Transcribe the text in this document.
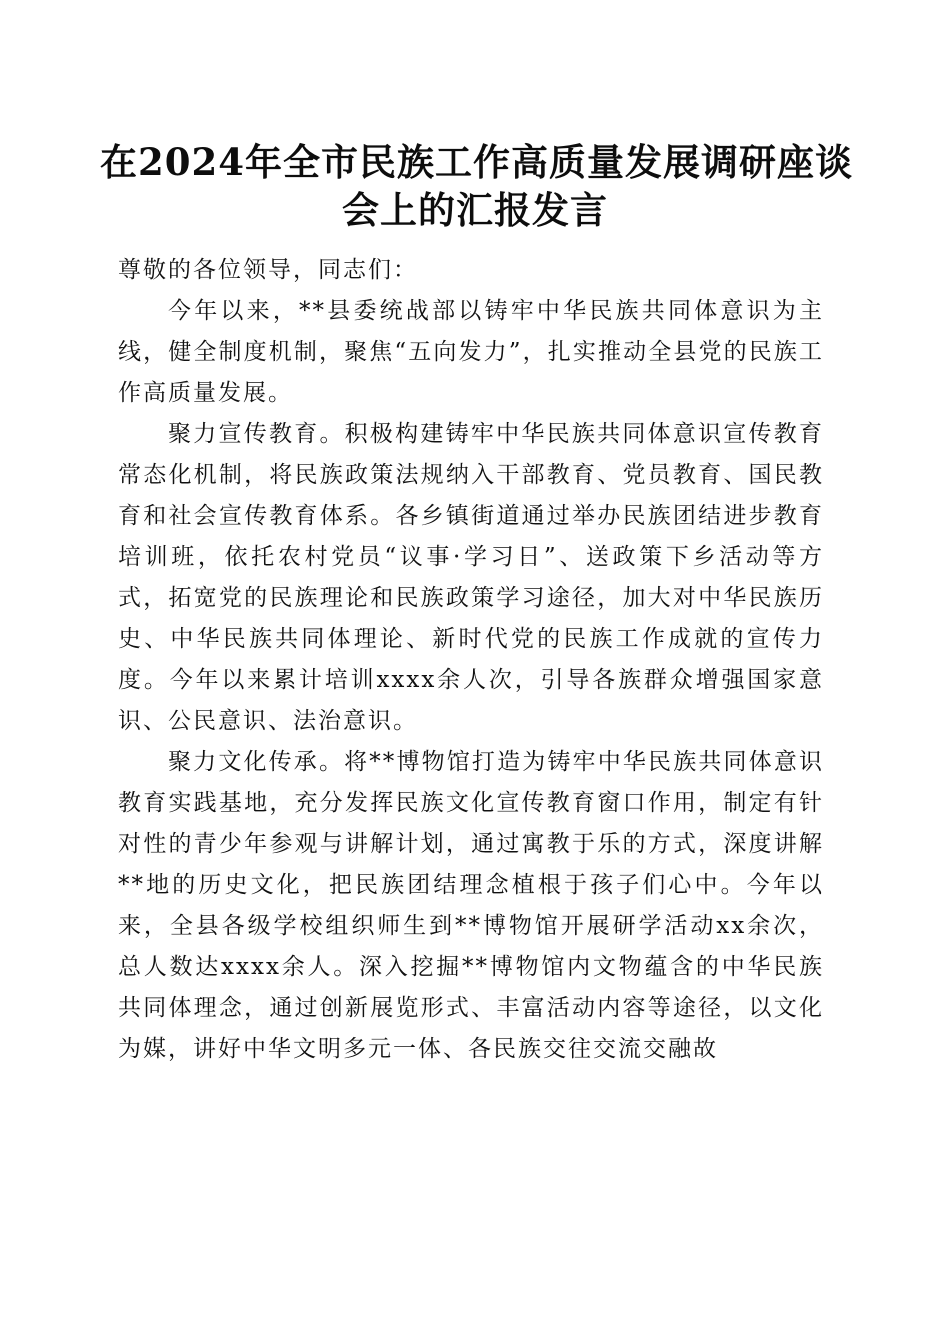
在2024年全市民族工作高质量发展调研座谈
会上的汇报发言

尊敬的各位领导，同志们：

今年以来，**县委统战部以铸牢中华民族共同体意识为主线，健全制度机制，聚焦“五向发力”，扎实推动全县党的民族工作高质量发展。

聚力宣传教育。积极构建铸牢中华民族共同体意识宣传教育常态化机制，将民族政策法规纳入干部教育、党员教育、国民教育和社会宣传教育体系。各乡镇街道通过举办民族团结进步教育培训班，依托农村党员“议事·学习日”、送政策下乡活动等方式，拓宽党的民族理论和民族政策学习途径，加大对中华民族历史、中华民族共同体理论、新时代党的民族工作成就的宣传力度。今年以来累计培训xxxx余人次，引导各族群众增强国家意识、公民意识、法治意识。

聚力文化传承。将**博物馆打造为铸牢中华民族共同体意识教育实践基地，充分发挥民族文化宣传教育窗口作用，制定有针对性的青少年参观与讲解计划，通过寓教于乐的方式，深度讲解**地的历史文化，把民族团结理念植根于孩子们心中。今年以来，全县各级学校组织师生到**博物馆开展研学活动xx余次，总人数达xxxx余人。深入挖掘**博物馆内文物蕴含的中华民族共同体理念，通过创新展览形式、丰富活动内容等途径，以文化为媒，讲好中华文明多元一体、各民族交往交流交融故
